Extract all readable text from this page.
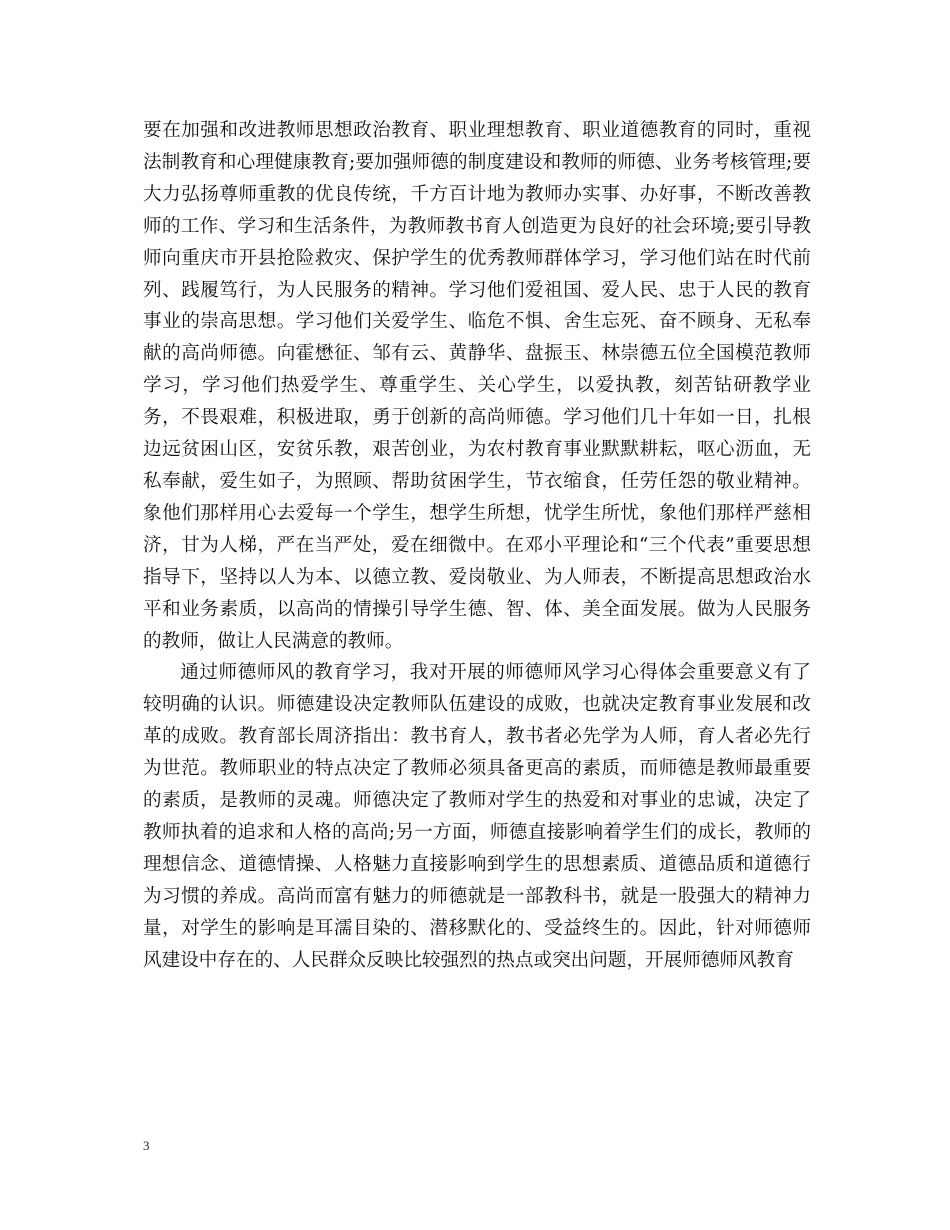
要在加强和改进教师思想政治教育、职业理想教育、职业道德教育的同时，重视法制教育和心理健康教育;要加强师德的制度建设和教师的师德、业务考核管理;要大力弘扬尊师重教的优良传统，千方百计地为教师办实事、办好事，不断改善教师的工作、学习和生活条件，为教师教书育人创造更为良好的社会环境;要引导教师向重庆市开县抢险救灾、保护学生的优秀教师群体学习，学习他们站在时代前列、践履笃行，为人民服务的精神。学习他们爱祖国、爱人民、忠于人民的教育事业的崇高思想。学习他们关爱学生、临危不惧、舍生忘死、奋不顾身、无私奉献的高尚师德。向霍懋征、邹有云、黄静华、盘振玉、林崇德五位全国模范教师学习，学习他们热爱学生、尊重学生、关心学生，以爱执教，刻苦钻研教学业务，不畏艰难，积极进取，勇于创新的高尚师德。学习他们几十年如一日，扎根边远贫困山区，安贫乐教，艰苦创业，为农村教育事业默默耕耘，呕心沥血，无私奉献，爱生如子，为照顾、帮助贫困学生，节衣缩食，任劳任怨的敬业精神。象他们那样用心去爱每一个学生，想学生所想，忧学生所忧，象他们那样严慈相济，甘为人梯，严在当严处，爱在细微中。在邓小平理论和“三个代表”重要思想指导下，坚持以人为本、以德立教、爱岗敬业、为人师表，不断提高思想政治水平和业务素质，以高尚的情操引导学生德、智、体、美全面发展。做为人民服务的教师，做让人民满意的教师。

通过师德师风的教育学习，我对开展的师德师风学习心得体会重要意义有了较明确的认识。师德建设决定教师队伍建设的成败，也就决定教育事业发展和改革的成败。教育部长周济指出：教书育人，教书者必先学为人师，育人者必先行为世范。教师职业的特点决定了教师必须具备更高的素质，而师德是教师最重要的素质，是教师的灵魂。师德决定了教师对学生的热爱和对事业的忠诚，决定了教师执着的追求和人格的高尚;另一方面，师德直接影响着学生们的成长，教师的理想信念、道德情操、人格魅力直接影响到学生的思想素质、道德品质和道德行为习惯的养成。高尚而富有魅力的师德就是一部教科书，就是一股强大的精神力量，对学生的影响是耳濡目染的、潜移默化的、受益终生的。因此，针对师德师风建设中存在的、人民群众反映比较强烈的热点或突出问题，开展师德师风教育

3
